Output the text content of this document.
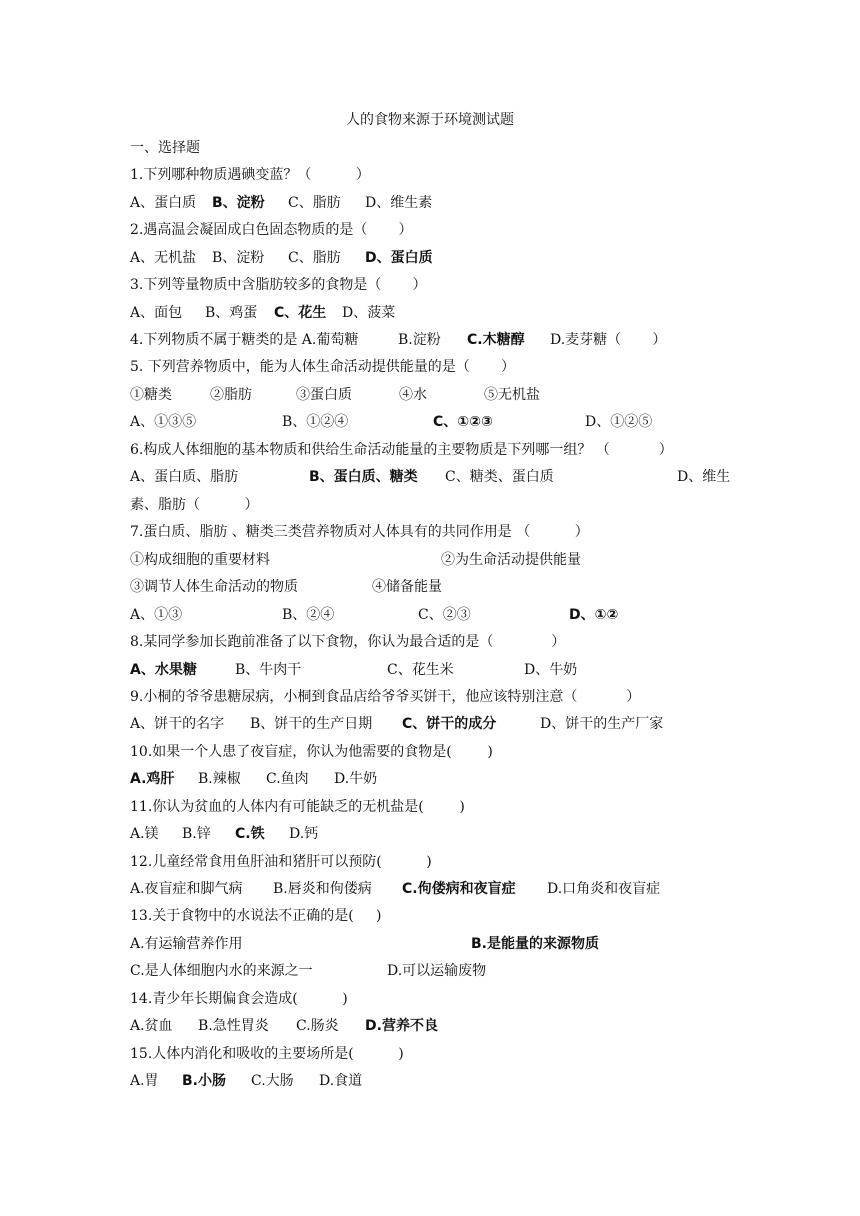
人的食物来源于环境测试题
一、选择题
1.下列哪种物质遇碘变蓝？（          ）
A、蛋白质 B、淀粉 C、脂肪 D、维生素
2.遇高温会凝固成白色固态物质的是（       ）
A、无机盐 B、淀粉 C、脂肪 D、蛋白质
3.下列等量物质中含脂肪较多的食物是（       ）
A、面包 B、鸡蛋 C、花生 D、菠菜
4.下列物质不属于糖类的是 A.葡萄糖	B.淀粉 C.木糖醇 D.麦芽糖（       ）
5. 下列营养物质中，能为人体生命活动提供能量的是（       ）
①糖类	②脂肪	③蛋白质	④水	⑤无机盐
A、①③⑤	B、①②④	C、①②③	D、①②⑤
6.构成人体细胞的基本物质和供给生命活动能量的主要物质是下列哪一组？ （           ）
A、蛋白质、脂肪	B、蛋白质、糖类 C、糖类、蛋白质	D、维生
素、脂肪（          ）
7.蛋白质、脂肪 、糖类三类营养物质对人体具有的共同作用是 （          ）
①构成细胞的重要材料	②为生命活动提供能量
③调节人体生命活动的物质	④储备能量
A、①③	B、②④	C、②③	D、①②
8.某同学参加长跑前准备了以下食物，你认为最合适的是（             ）
A、水果糖	B、牛肉干	C、花生米	D、牛奶
9.小桐的爷爷患糖尿病，小桐到食品店给爷爷买饼干，他应该特别注意（           ）
A、饼干的名字 B、饼干的生产日期 C、饼干的成分	D、饼干的生产厂家
10.如果一个人患了夜盲症，你认为他需要的食物是(        )
A.鸡肝 B.辣椒 C.鱼肉 D.牛奶
11.你认为贫血的人体内有可能缺乏的无机盐是(        )
A.镁 B.锌 C.铁 D.钙
12.儿童经常食用鱼肝油和猪肝可以预防(          )
A.夜盲症和脚气病 B.唇炎和佝偻病 C.佝偻病和夜盲症 D.口角炎和夜盲症
13.关于食物中的水说法不正确的是(     )
A.有运输营养作用	B.是能量的来源物质
C.是人体细胞内水的来源之一	D.可以运输废物
14.青少年长期偏食会造成(          )
A.贫血 B.急性胃炎 C.肠炎 D.营养不良
15.人体内消化和吸收的主要场所是(          )
A.胃 B.小肠 C.大肠 D.食道
